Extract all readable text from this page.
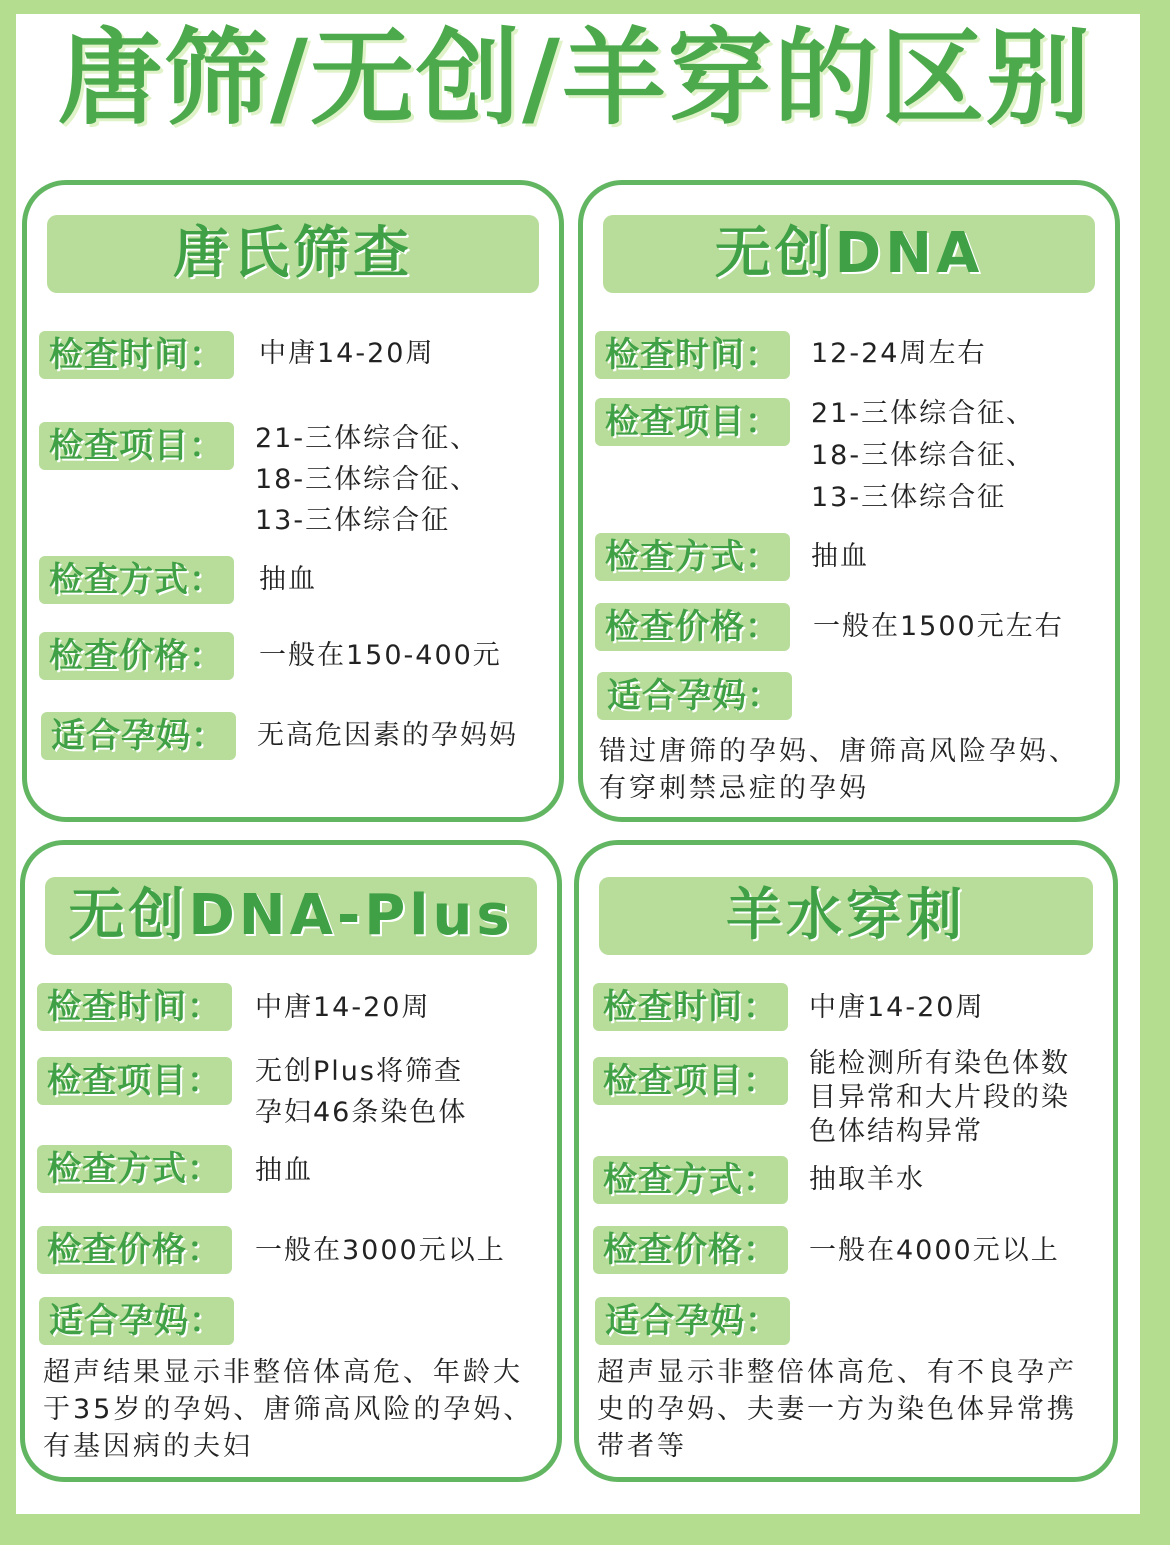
唐筛/无创/羊穿的区别
唐氏筛查
检查时间：	中唐14-20周
检查项目：	21-三体综合征、
18-三体综合征、
13-三体综合征
检查方式：	抽血
检查价格：	一般在150-400元
适合孕妈：	无高危因素的孕妈妈
无创DNA
检查时间：	12-24周左右
检查项目：	21-三体综合征、
18-三体综合征、
13-三体综合征
检查方式：	抽血
检查价格：	一般在1500元左右
适合孕妈：
错过唐筛的孕妈、唐筛高风险孕妈、
有穿刺禁忌症的孕妈
无创DNA-Plus
检查时间：	中唐14-20周
检查项目：	无创Plus将筛查
孕妇46条染色体
检查方式：	抽血
检查价格：	一般在3000元以上
适合孕妈：
超声结果显示非整倍体高危、年龄大
于35岁的孕妈、唐筛高风险的孕妈、
有基因病的夫妇
羊水穿刺
检查时间：	中唐14-20周
检查项目：	能检测所有染色体数
目异常和大片段的染
色体结构异常
检查方式：	抽取羊水
检查价格：	一般在4000元以上
适合孕妈：
超声显示非整倍体高危、有不良孕产
史的孕妈、夫妻一方为染色体异常携
带者等
